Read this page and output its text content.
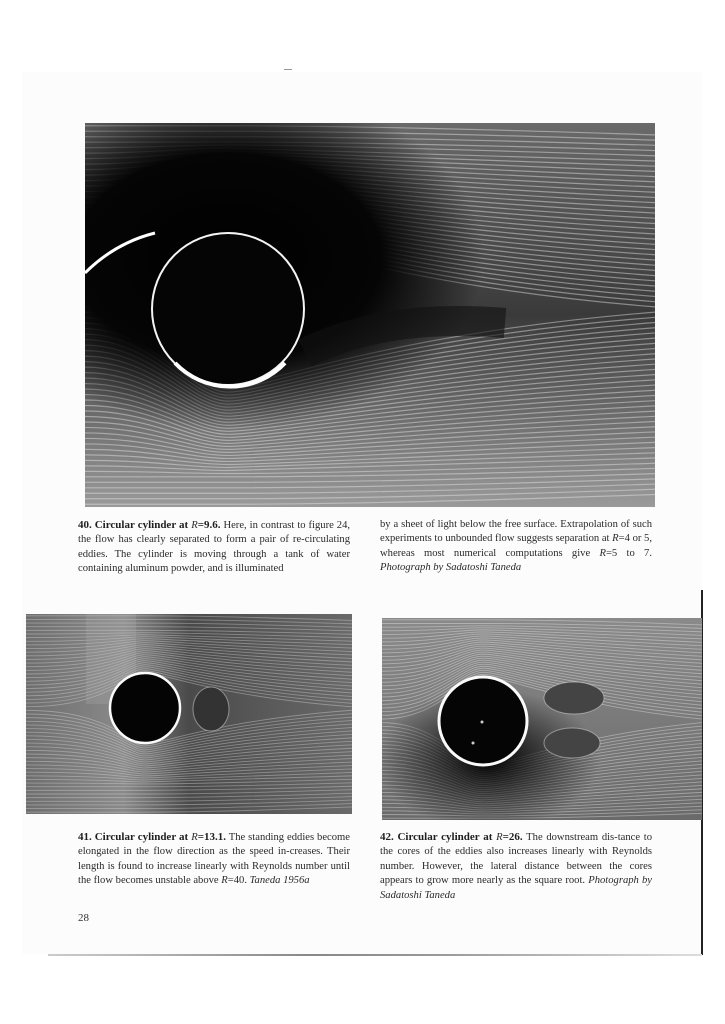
40. Circular cylinder at R=9.6. Here, in contrast to figure 24, the flow has clearly separated to form a pair of re-circulating eddies. The cylinder is moving through a tank of water containing aluminum powder, and is illuminated
by a sheet of light below the free surface. Extrapolation of such experiments to unbounded flow suggests separation at R=4 or 5, whereas most numerical computations give R=5 to 7. Photograph by Sadatoshi Taneda
41. Circular cylinder at R=13.1. The standing eddies become elongated in the flow direction as the speed in-creases. Their length is found to increase linearly with Reynolds number until the flow becomes unstable above R=40. Taneda 1956a
42. Circular cylinder at R=26. The downstream dis-tance to the cores of the eddies also increases linearly with Reynolds number. However, the lateral distance between the cores appears to grow more nearly as the square root. Photograph by Sadatoshi Taneda
28
